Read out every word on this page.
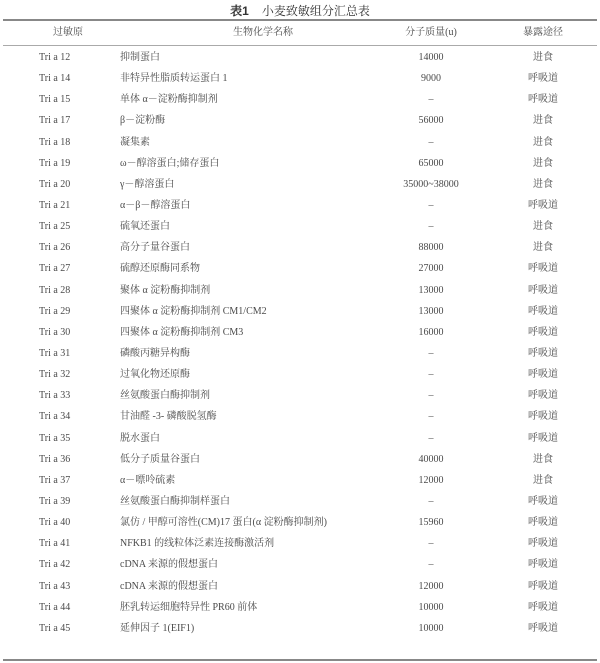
表1 小麦致敏组分汇总表
过敏原	生物化学名称	分子质量(u)	暴露途径
Tri a 12	抑制蛋白	14000	进食
Tri a 14	非特异性脂质转运蛋白 1	9000	呼吸道
Tri a 15	单体 α－淀粉酶抑制剂	–	呼吸道
Tri a 17	β－淀粉酶	56000	进食
Tri a 18	凝集素	–	进食
Tri a 19	ω－醇溶蛋白;储存蛋白	65000	进食
Tri a 20	γ－醇溶蛋白	35000~38000	进食
Tri a 21	α－β－醇溶蛋白	–	呼吸道
Tri a 25	硫氧还蛋白	–	进食
Tri a 26	高分子量谷蛋白	88000	进食
Tri a 27	硫醇还原酶同系物	27000	呼吸道
Tri a 28	聚体 α 淀粉酶抑制剂	13000	呼吸道
Tri a 29	四聚体 α 淀粉酶抑制剂 CM1/CM2	13000	呼吸道
Tri a 30	四聚体 α 淀粉酶抑制剂 CM3	16000	呼吸道
Tri a 31	磷酸丙糖异构酶	–	呼吸道
Tri a 32	过氧化物还原酶	–	呼吸道
Tri a 33	丝氨酸蛋白酶抑制剂	–	呼吸道
Tri a 34	甘油醛 -3- 磷酸脱氢酶	–	呼吸道
Tri a 35	脱水蛋白	–	呼吸道
Tri a 36	低分子质量谷蛋白	40000	进食
Tri a 37	α－嘌呤硫素	12000	进食
Tri a 39	丝氨酸蛋白酶抑制样蛋白	–	呼吸道
Tri a 40	氯仿 / 甲醇可溶性(CM)17 蛋白(α 淀粉酶抑制剂)	15960	呼吸道
Tri a 41	NFKB1 的线粒体泛素连接酶激活剂	–	呼吸道
Tri a 42	cDNA 来源的假想蛋白	–	呼吸道
Tri a 43	cDNA 来源的假想蛋白	12000	呼吸道
Tri a 44	胚乳转运细胞特异性 PR60 前体	10000	呼吸道
Tri a 45	延伸因子 1(EIF1)	10000	呼吸道
